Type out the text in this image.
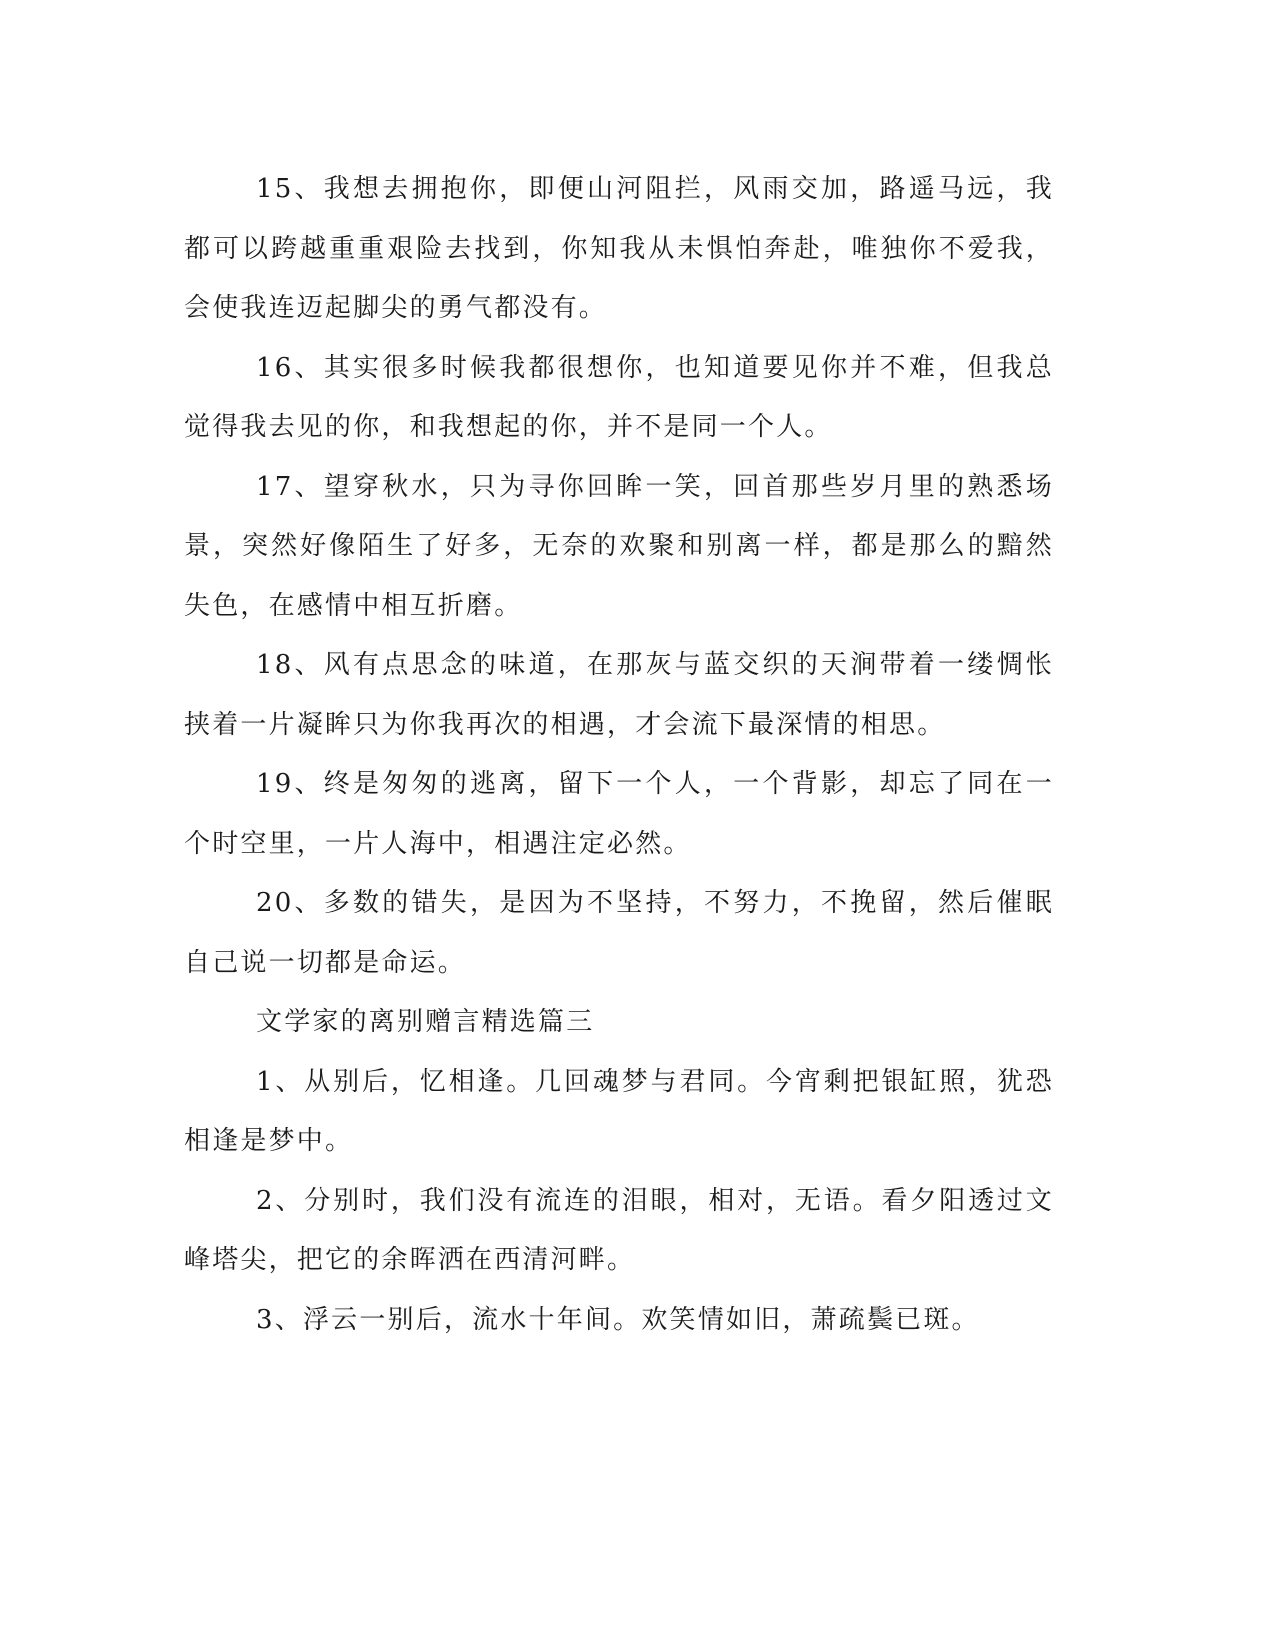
15、我想去拥抱你，即便山河阻拦，风雨交加，路遥马远，我都可以跨越重重艰险去找到，你知我从未惧怕奔赴，唯独你不爱我，会使我连迈起脚尖的勇气都没有。

16、其实很多时候我都很想你，也知道要见你并不难，但我总觉得我去见的你，和我想起的你，并不是同一个人。

17、望穿秋水，只为寻你回眸一笑，回首那些岁月里的熟悉场景，突然好像陌生了好多，无奈的欢聚和别离一样，都是那么的黯然失色，在感情中相互折磨。

18、风有点思念的味道，在那灰与蓝交织的天涧带着一缕惆怅挟着一片凝眸只为你我再次的相遇，才会流下最深情的相思。

19、终是匆匆的逃离，留下一个人，一个背影，却忘了同在一个时空里，一片人海中，相遇注定必然。

20、多数的错失，是因为不坚持，不努力，不挽留，然后催眠自己说一切都是命运。

文学家的离别赠言精选篇三

1、从别后，忆相逢。几回魂梦与君同。今宵剩把银缸照，犹恐相逢是梦中。

2、分别时，我们没有流连的泪眼，相对，无语。看夕阳透过文峰塔尖，把它的余晖洒在西清河畔。

3、浮云一别后，流水十年间。欢笑情如旧，萧疏鬓已斑。
